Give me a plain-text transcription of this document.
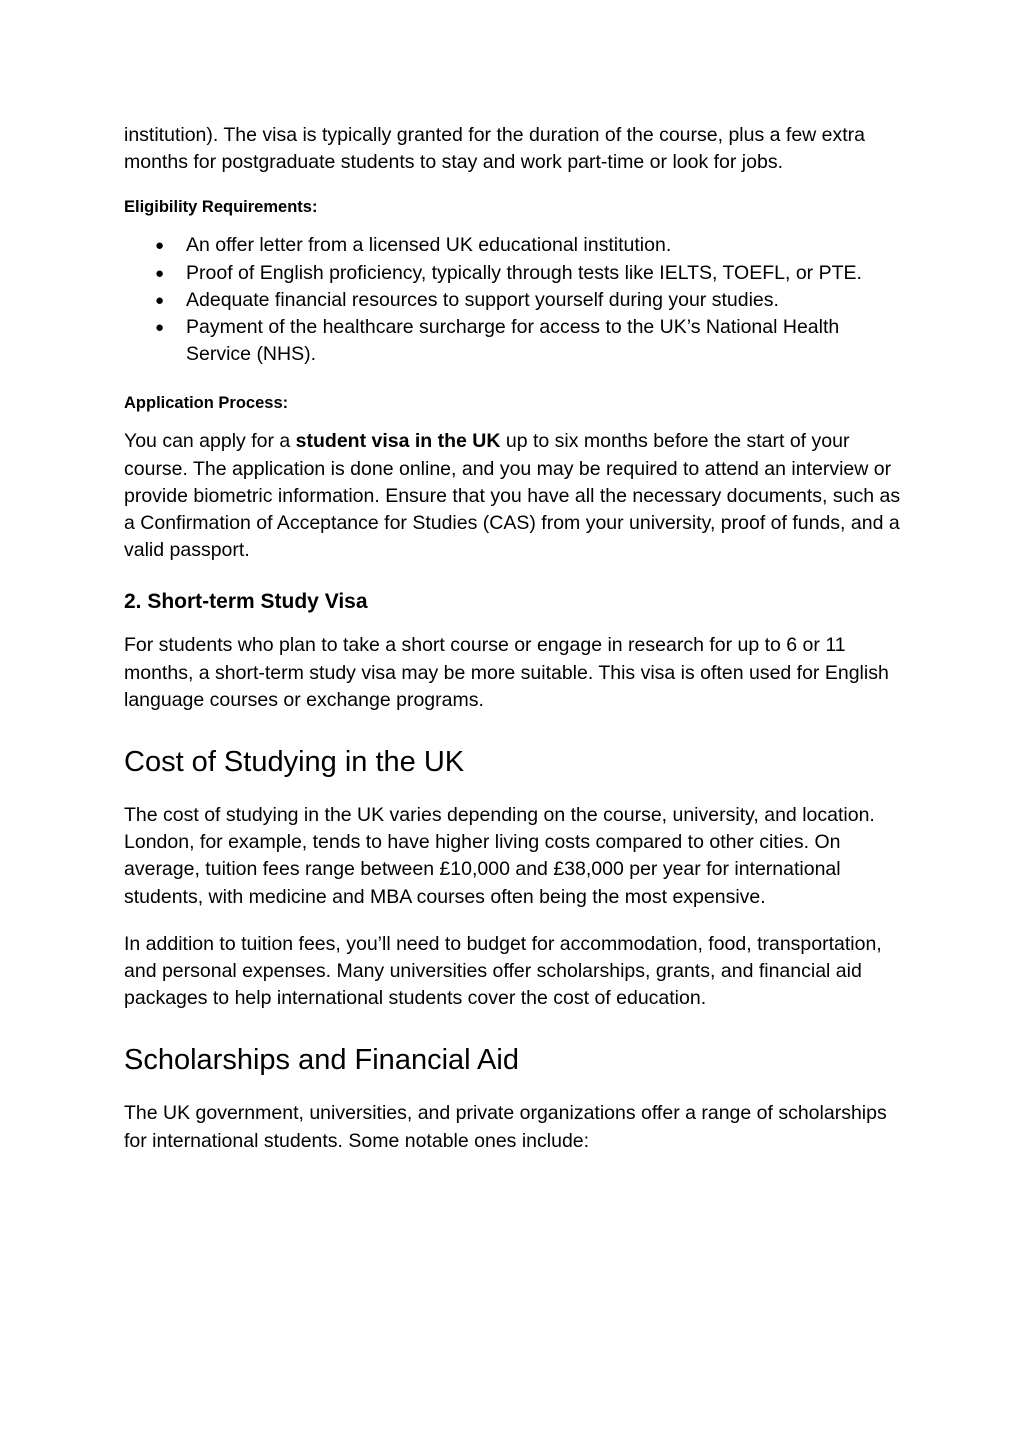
institution). The visa is typically granted for the duration of the course, plus a few extra months for postgraduate students to stay and work part-time or look for jobs.

Eligibility Requirements:
● An offer letter from a licensed UK educational institution.
● Proof of English proficiency, typically through tests like IELTS, TOEFL, or PTE.
● Adequate financial resources to support yourself during your studies.
● Payment of the healthcare surcharge for access to the UK’s National Health Service (NHS).
Application Process:

You can apply for a student visa in the UK up to six months before the start of your course. The application is done online, and you may be required to attend an interview or provide biometric information. Ensure that you have all the necessary documents, such as a Confirmation of Acceptance for Studies (CAS) from your university, proof of funds, and a valid passport.

2. Short-term Study Visa

For students who plan to take a short course or engage in research for up to 6 or 11 months, a short-term study visa may be more suitable. This visa is often used for English language courses or exchange programs.

Cost of Studying in the UK

The cost of studying in the UK varies depending on the course, university, and location. London, for example, tends to have higher living costs compared to other cities. On average, tuition fees range between £10,000 and £38,000 per year for international students, with medicine and MBA courses often being the most expensive.

In addition to tuition fees, you’ll need to budget for accommodation, food, transportation, and personal expenses. Many universities offer scholarships, grants, and financial aid packages to help international students cover the cost of education.

Scholarships and Financial Aid

The UK government, universities, and private organizations offer a range of scholarships for international students. Some notable ones include:
